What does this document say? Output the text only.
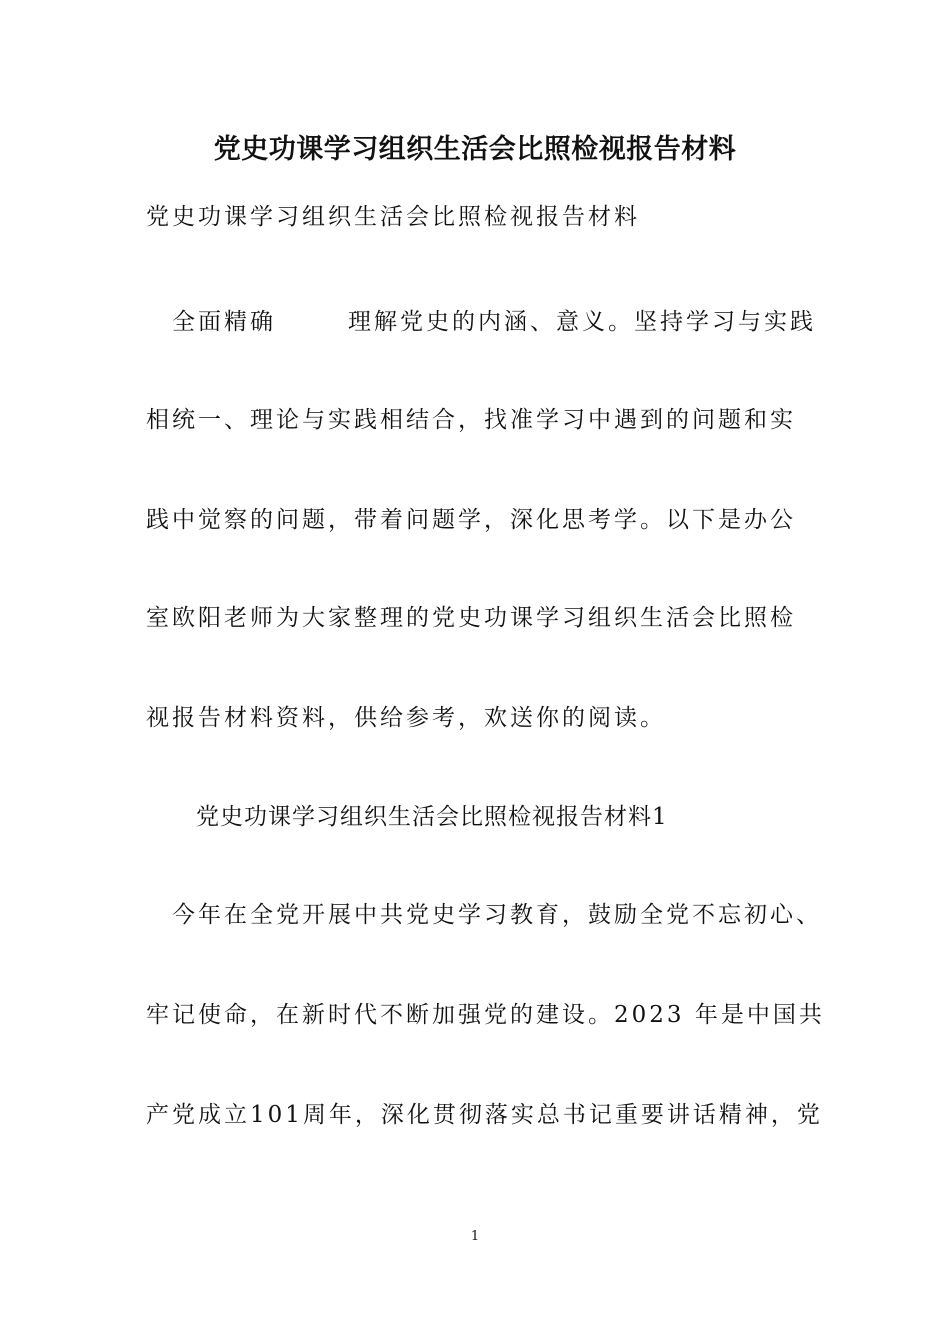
党史功课学习组织生活会比照检视报告材料
党史功课学习组织生活会比照检视报告材料
全面精确	理解党史的内涵、意义。坚持学习与实践
相统一、理论与实践相结合，找准学习中遇到的问题和实
践中觉察的问题，带着问题学，深化思考学。以下是办公
室欧阳老师为大家整理的党史功课学习组织生活会比照检
视报告材料资料，供给参考，欢送你的阅读。
党史功课学习组织生活会比照检视报告材料1
今年在全党开展中共党史学习教育，鼓励全党不忘初心、
牢记使命，在新时代不断加强党的建设。2023 年是中国共
产党成立101周年，深化贯彻落实总书记重要讲话精神，党
1
